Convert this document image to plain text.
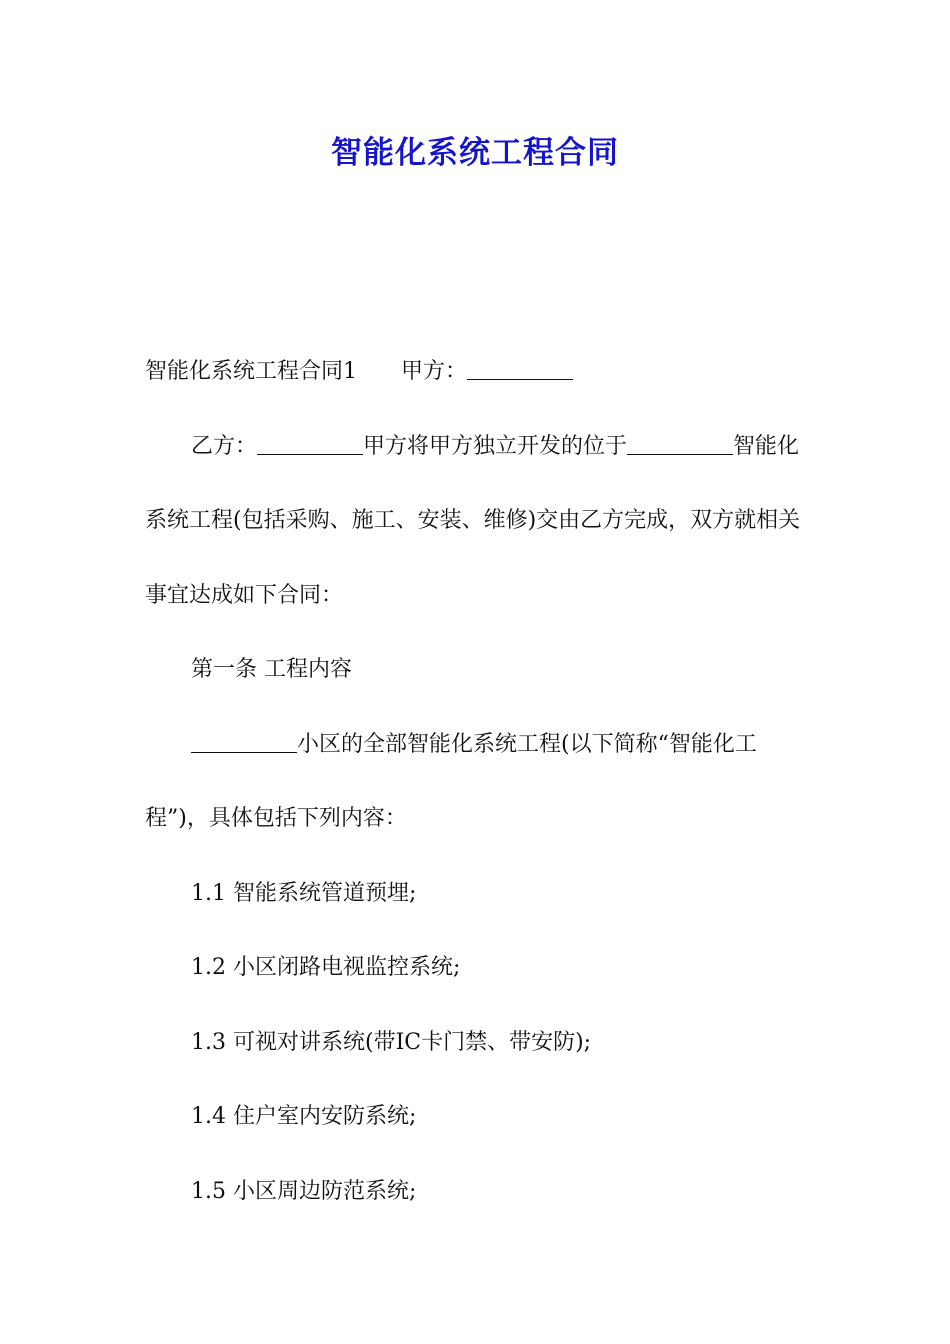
智能化系统工程合同

智能化系统工程合同1 甲方：

乙方：	甲方将甲方独立开发的位于	智能化系统工程(包括采购、施工、安装、维修)交由乙方完成，双方就相关事宜达成如下合同：

第一条 工程内容

小区的全部智能化系统工程(以下简称“智能化工程”)，具体包括下列内容：

1.1 智能系统管道预埋;

1.2 小区闭路电视监控系统;

1.3 可视对讲系统(带IC卡门禁、带安防);

1.4 住户室内安防系统;

1.5 小区周边防范系统;
